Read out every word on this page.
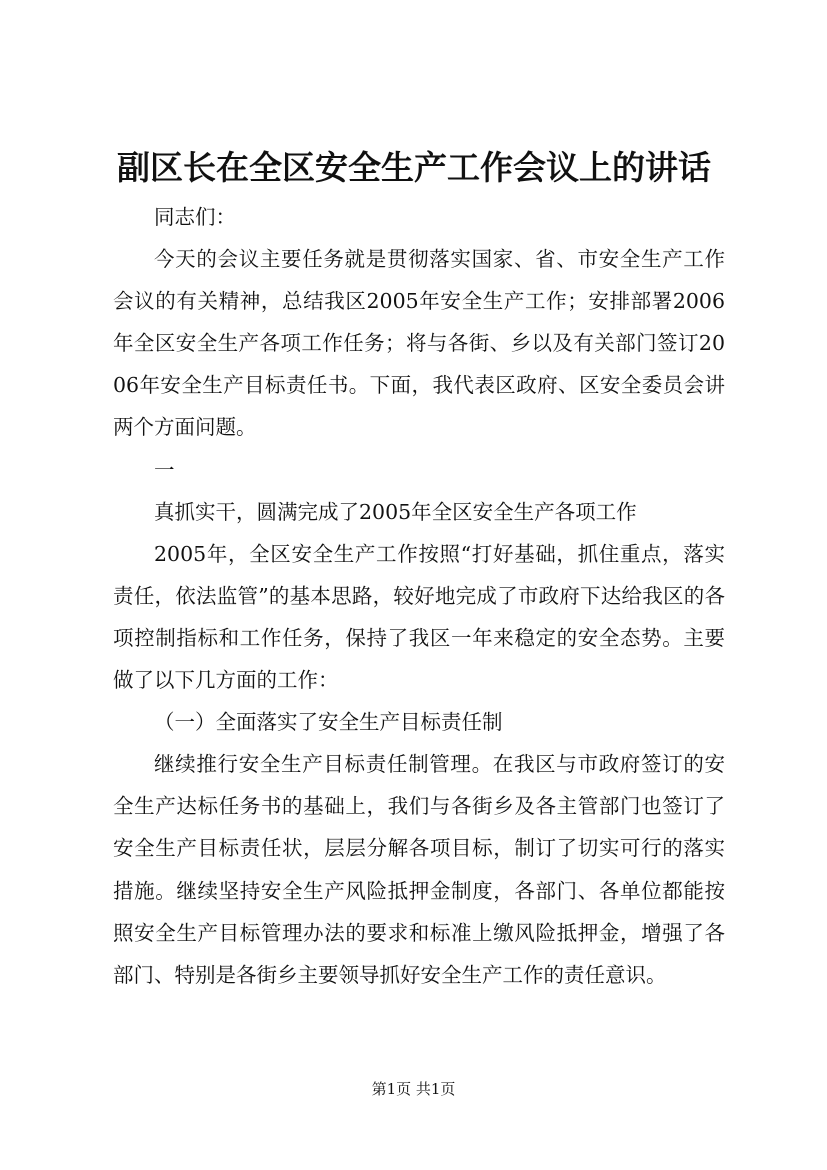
副区长在全区安全生产工作会议上的讲话

同志们：

今天的会议主要任务就是贯彻落实国家、省、市安全生产工作会议的有关精神，总结我区2005年安全生产工作；安排部署2006年全区安全生产各项工作任务；将与各街、乡以及有关部门签订2006年安全生产目标责任书。下面，我代表区政府、区安全委员会讲两个方面问题。

一

真抓实干，圆满完成了2005年全区安全生产各项工作

2005年，全区安全生产工作按照“打好基础，抓住重点，落实责任，依法监管”的基本思路，较好地完成了市政府下达给我区的各项控制指标和工作任务，保持了我区一年来稳定的安全态势。主要做了以下几方面的工作：

（一）全面落实了安全生产目标责任制

继续推行安全生产目标责任制管理。在我区与市政府签订的安全生产达标任务书的基础上，我们与各街乡及各主管部门也签订了安全生产目标责任状，层层分解各项目标，制订了切实可行的落实措施。继续坚持安全生产风险抵押金制度，各部门、各单位都能按照安全生产目标管理办法的要求和标准上缴风险抵押金，增强了各部门、特别是各街乡主要领导抓好安全生产工作的责任意识。

第1页 共1页
